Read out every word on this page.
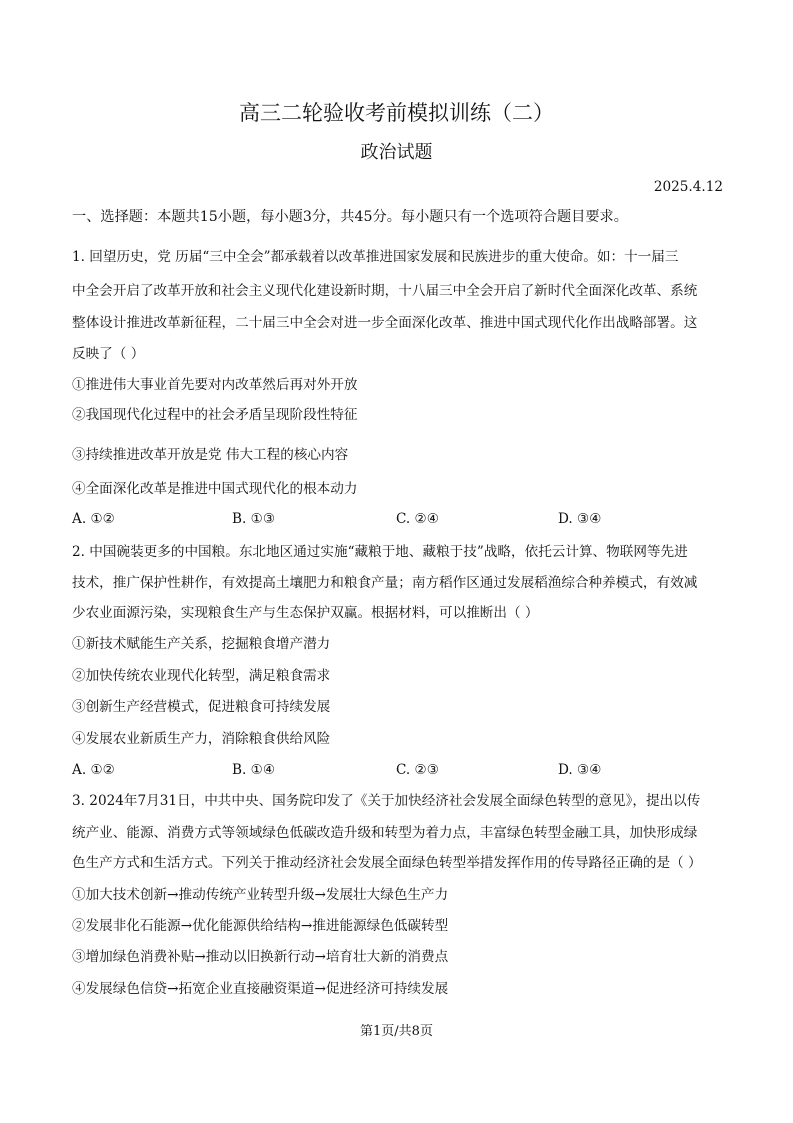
高三二轮验收考前模拟训练（二）
政治试题
2025.4.12
一、选择题：本题共15小题，每小题3分，共45分。每小题只有一个选项符合题目要求。
1. 回望历史，党 历届“三中全会”都承载着以改革推进国家发展和民族进步的重大使命。如：十一届三
中全会开启了改革开放和社会主义现代化建设新时期，十八届三中全会开启了新时代全面深化改革、系统
整体设计推进改革新征程，二十届三中全会对进一步全面深化改革、推进中国式现代化作出战略部署。这
反映了（ ）
①推进伟大事业首先要对内改革然后再对外开放
②我国现代化过程中的社会矛盾呈现阶段性特征
③持续推进改革开放是党 伟大工程的核心内容
④全面深化改革是推进中国式现代化的根本动力
A. ①②	B. ①③	C. ②④	D. ③④
2. 中国碗装更多的中国粮。东北地区通过实施“藏粮于地、藏粮于技”战略，依托云计算、物联网等先进
技术，推广保护性耕作，有效提高土壤肥力和粮食产量；南方稻作区通过发展稻渔综合种养模式，有效减
少农业面源污染，实现粮食生产与生态保护双赢。根据材料，可以推断出（ ）
①新技术赋能生产关系，挖掘粮食增产潜力
②加快传统农业现代化转型，满足粮食需求
③创新生产经营模式，促进粮食可持续发展
④发展农业新质生产力，消除粮食供给风险
A. ①②	B. ①④	C. ②③	D. ③④
3. 2024年7月31日，中共中央、国务院印发了《关于加快经济社会发展全面绿色转型的意见》，提出以传
统产业、能源、消费方式等领域绿色低碳改造升级和转型为着力点，丰富绿色转型金融工具，加快形成绿
色生产方式和生活方式。下列关于推动经济社会发展全面绿色转型举措发挥作用的传导路径正确的是（ ）
①加大技术创新→推动传统产业转型升级→发展壮大绿色生产力
②发展非化石能源→优化能源供给结构→推进能源绿色低碳转型
③增加绿色消费补贴→推动以旧换新行动→培育壮大新的消费点
④发展绿色信贷→拓宽企业直接融资渠道→促进经济可持续发展
第1页/共8页
